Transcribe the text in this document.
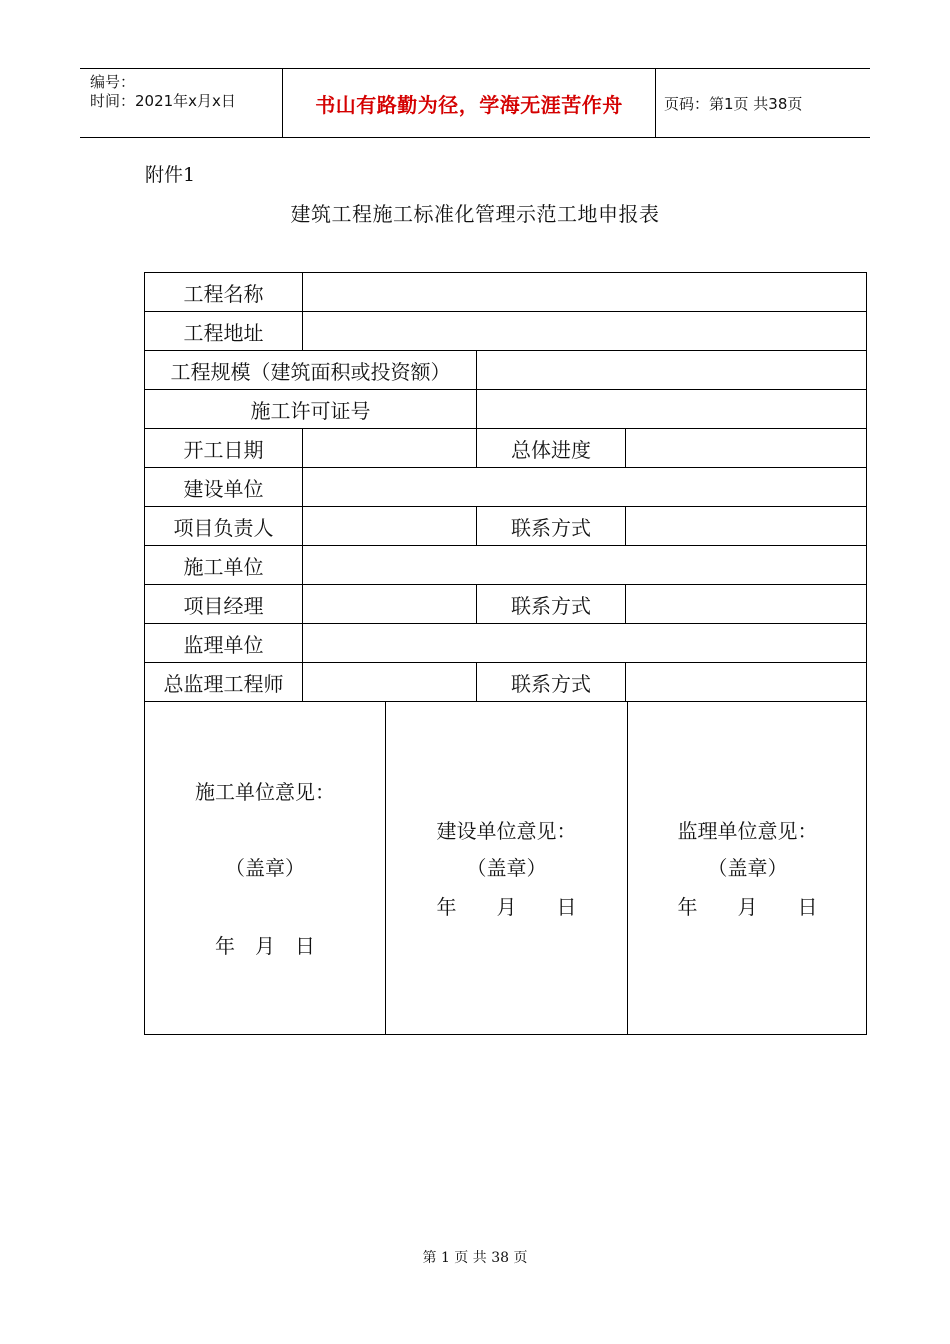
编号：
时间：2021年x月x日	书山有路勤为径，学海无涯苦作舟	页码：第1页 共38页
附件1
建筑工程施工标准化管理示范工地申报表
工程名称
工程地址
工程规模（建筑面积或投资额）
施工许可证号
开工日期	总体进度
建设单位
项目负责人	联系方式
施工单位
项目经理	联系方式
监理单位
总监理工程师	联系方式
施工单位意见：
（盖章）
年　月　日
建设单位意见：
（盖章）
年　　月　　日
监理单位意见：
（盖章）
年　　月　　日
第 1 页 共 38 页
